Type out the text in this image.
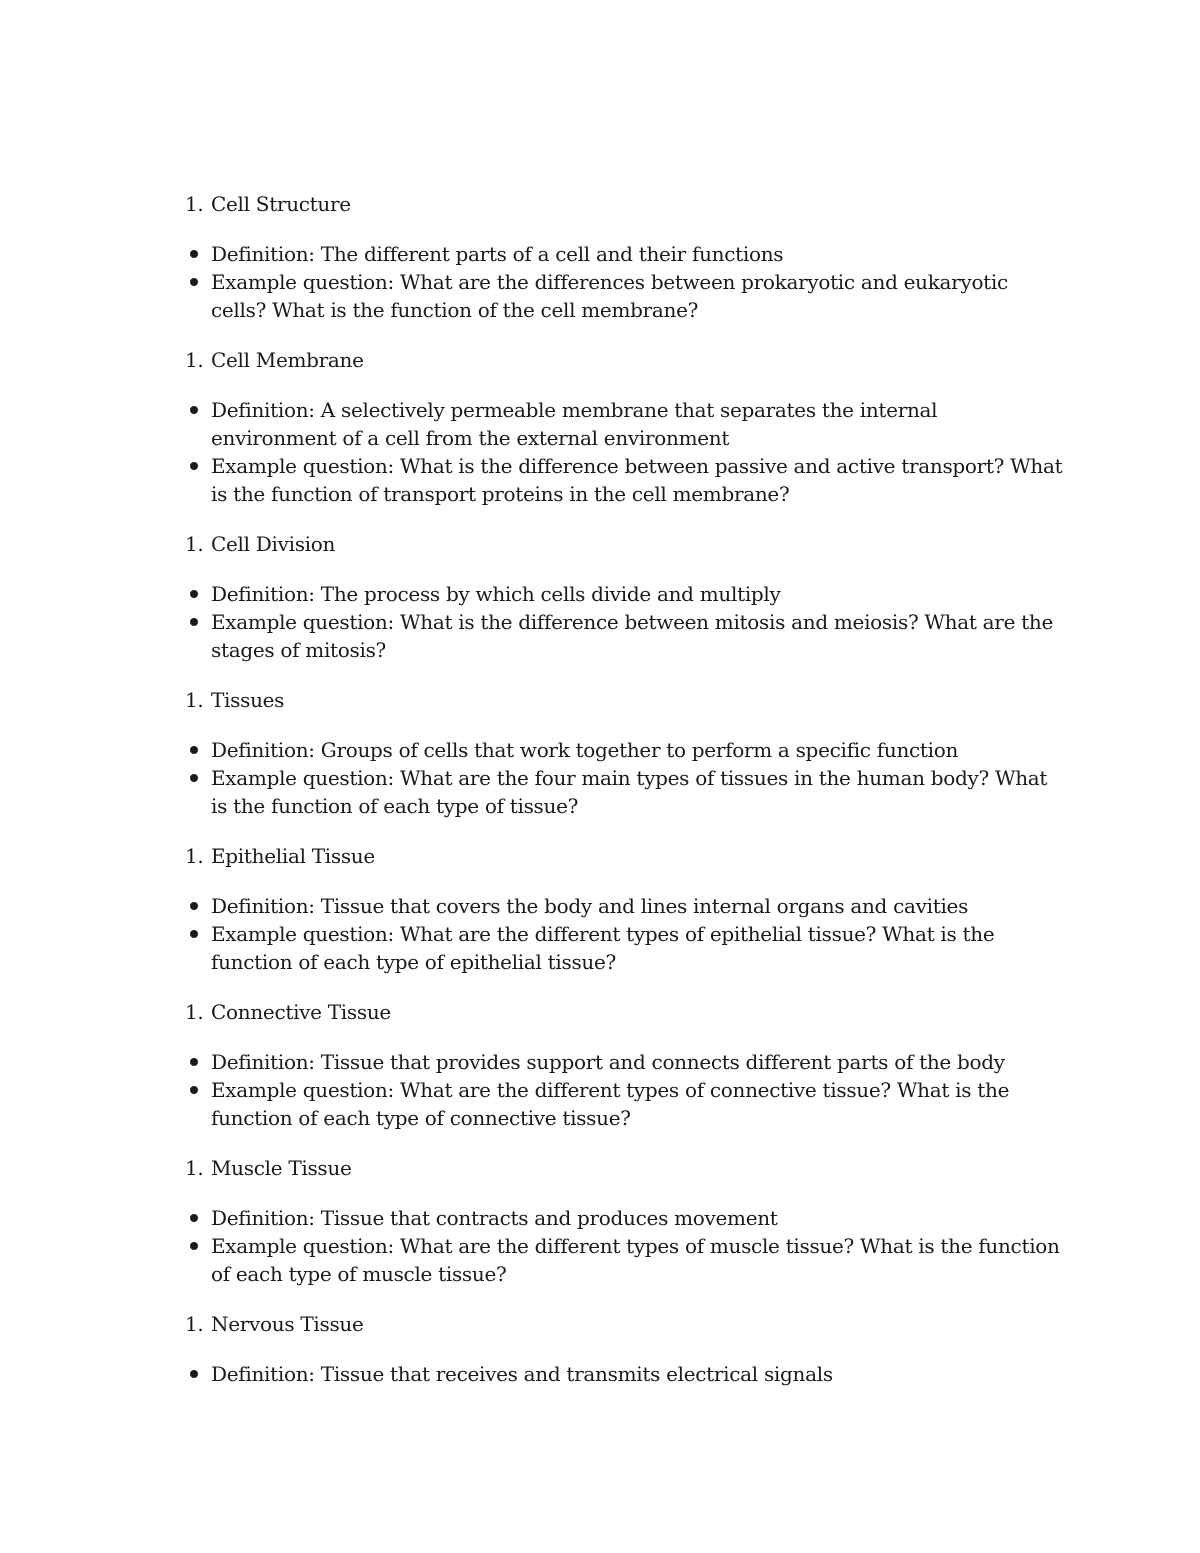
1. Cell Structure
Definition: The different parts of a cell and their functions
Example question: What are the differences between prokaryotic and eukaryotic cells? What is the function of the cell membrane?
1. Cell Membrane
Definition: A selectively permeable membrane that separates the internal environment of a cell from the external environment
Example question: What is the difference between passive and active transport? What is the function of transport proteins in the cell membrane?
1. Cell Division
Definition: The process by which cells divide and multiply
Example question: What is the difference between mitosis and meiosis? What are the stages of mitosis?
1. Tissues
Definition: Groups of cells that work together to perform a specific function
Example question: What are the four main types of tissues in the human body? What is the function of each type of tissue?
1. Epithelial Tissue
Definition: Tissue that covers the body and lines internal organs and cavities
Example question: What are the different types of epithelial tissue? What is the function of each type of epithelial tissue?
1. Connective Tissue
Definition: Tissue that provides support and connects different parts of the body
Example question: What are the different types of connective tissue? What is the function of each type of connective tissue?
1. Muscle Tissue
Definition: Tissue that contracts and produces movement
Example question: What are the different types of muscle tissue? What is the function of each type of muscle tissue?
1. Nervous Tissue
Definition: Tissue that receives and transmits electrical signals
